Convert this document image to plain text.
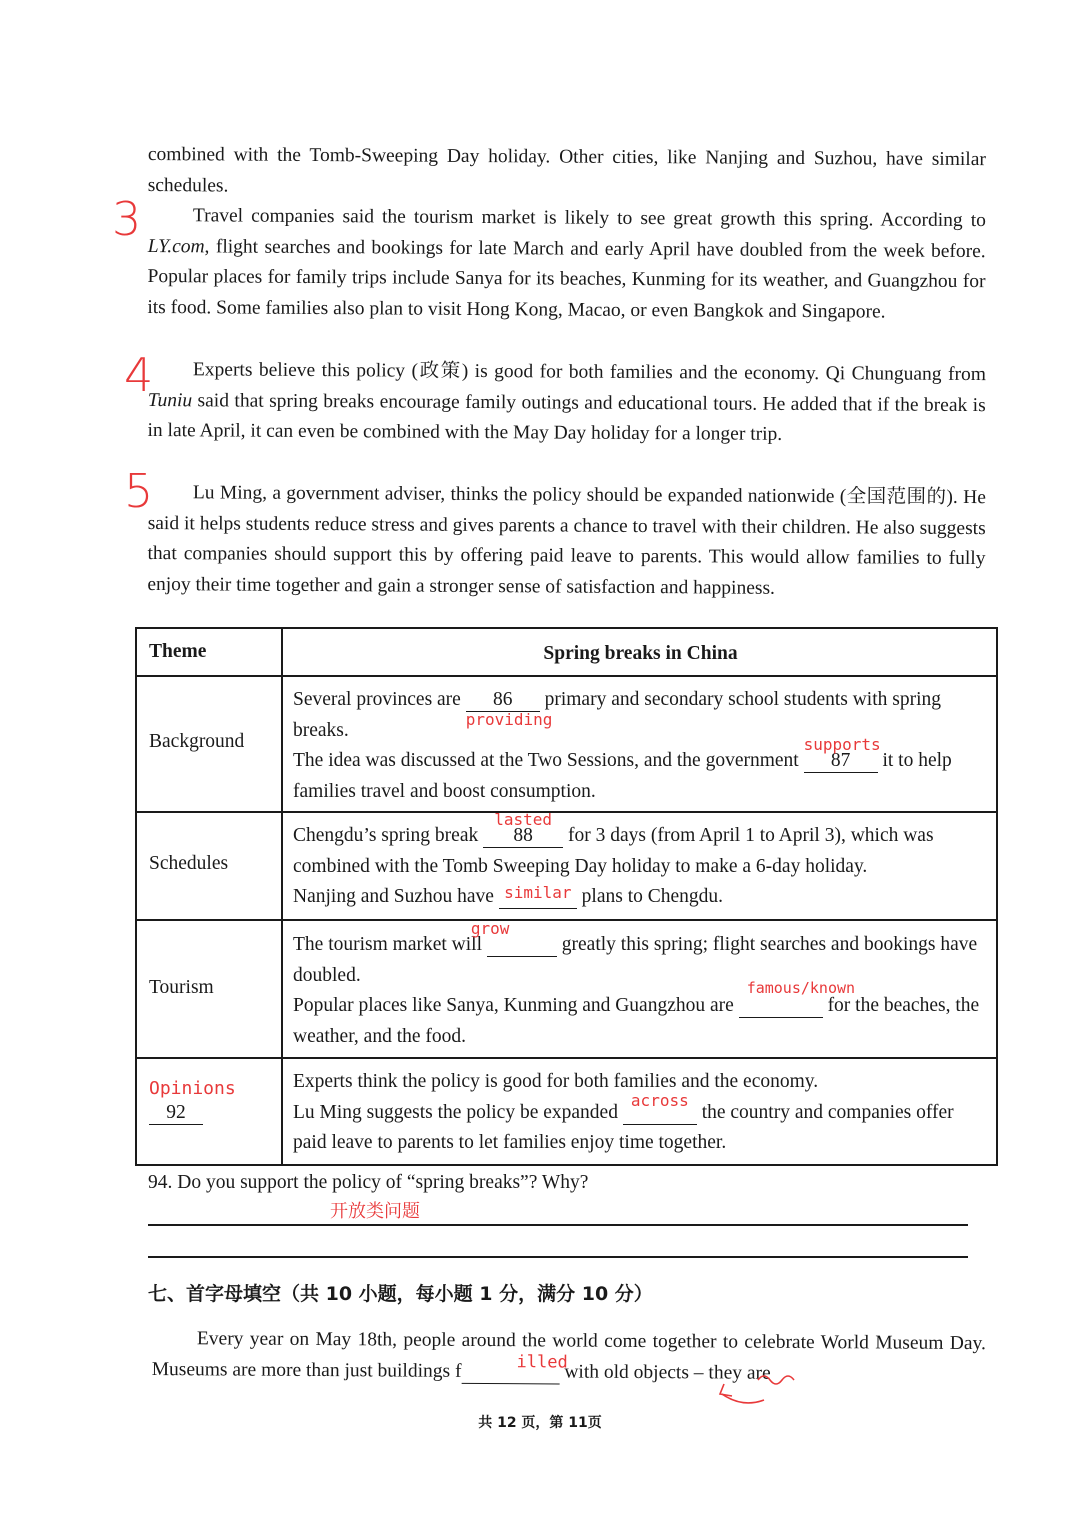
combined with the Tomb-Sweeping Day holiday. Other cities, like Nanjing and Suzhou, have similar schedules.

Travel companies said the tourism market is likely to see great growth this spring. According to LY.com, flight searches and bookings for late March and early April have doubled from the week before. Popular places for family trips include Sanya for its beaches, Kunming for its weather, and Guangzhou for its food. Some families also plan to visit Hong Kong, Macao, or even Bangkok and Singapore.

Experts believe this policy (政策) is good for both families and the economy. Qi Chunguang from Tuniu said that spring breaks encourage family outings and educational tours. He added that if the break is in late April, it can even be combined with the May Day holiday for a longer trip.

Lu Ming, a government adviser, thinks the policy should be expanded nationwide (全国范围的). He said it helps students reduce stress and gives parents a chance to travel with their children. He also suggests that companies should support this by offering paid leave to parents. This would allow families to fully enjoy their time together and gain a stronger sense of satisfaction and happiness.

3
4
5
Theme	Spring breaks in China
Background

Several provinces are 86
providing
primary and secondary school students with spring breaks.

The idea was discussed at the Two Sessions, and the government 87
supports
it to help families travel and boost consumption.

Schedules

Chengdu’s spring break 88
lasted
for 3 days (from April 1 to April 3), which was combined with the Tomb Sweeping Day holiday to make a 6-day holiday.

Nanjing and Suzhou have similar plans to Chengdu.

Tourism

The tourism market will
grow
greatly this spring; flight searches and bookings have doubled.

Popular places like Sanya, Kunming and Guangzhou are
famous/known
for the beaches, the weather, and the food.

Opinions
92

Experts think the policy is good for both families and the economy.

Lu Ming suggests the policy be expanded
across
the country and companies offer paid leave to parents to let families enjoy time together.

94. Do you support the policy of “spring breaks”? Why?
开放类问题
七、首字母填空（共 10 小题，每小题 1 分，满分 10 分）

Every year on May 18th, people around the world come together to celebrate World Museum Day. Museums are more than just buildings f	illed
with old objects – they are

共 12 页，第 11页
